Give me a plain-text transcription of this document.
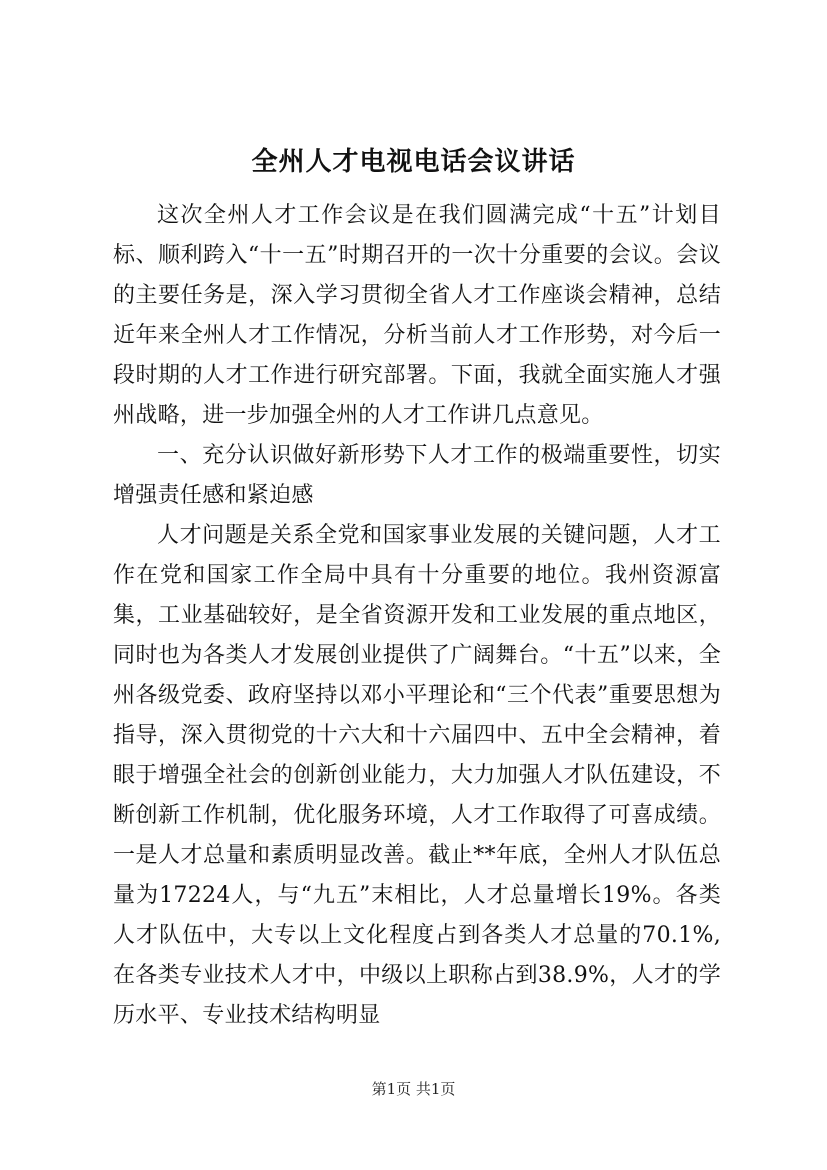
全州人才电视电话会议讲话

这次全州人才工作会议是在我们圆满完成“十五”计划目标、顺利跨入“十一五”时期召开的一次十分重要的会议。会议的主要任务是，深入学习贯彻全省人才工作座谈会精神，总结近年来全州人才工作情况，分析当前人才工作形势，对今后一段时期的人才工作进行研究部署。下面，我就全面实施人才强州战略，进一步加强全州的人才工作讲几点意见。

一、充分认识做好新形势下人才工作的极端重要性，切实增强责任感和紧迫感

人才问题是关系全党和国家事业发展的关键问题，人才工作在党和国家工作全局中具有十分重要的地位。我州资源富集，工业基础较好，是全省资源开发和工业发展的重点地区，同时也为各类人才发展创业提供了广阔舞台。“十五”以来，全州各级党委、政府坚持以邓小平理论和“三个代表”重要思想为指导，深入贯彻党的十六大和十六届四中、五中全会精神，着眼于增强全社会的创新创业能力，大力加强人才队伍建设，不断创新工作机制，优化服务环境，人才工作取得了可喜成绩。一是人才总量和素质明显改善。截止**年底，全州人才队伍总量为17224人，与“九五”末相比，人才总量增长19%。各类人才队伍中，大专以上文化程度占到各类人才总量的70.1%,在各类专业技术人才中，中级以上职称占到38.9%，人才的学历水平、专业技术结构明显

第1页 共1页
